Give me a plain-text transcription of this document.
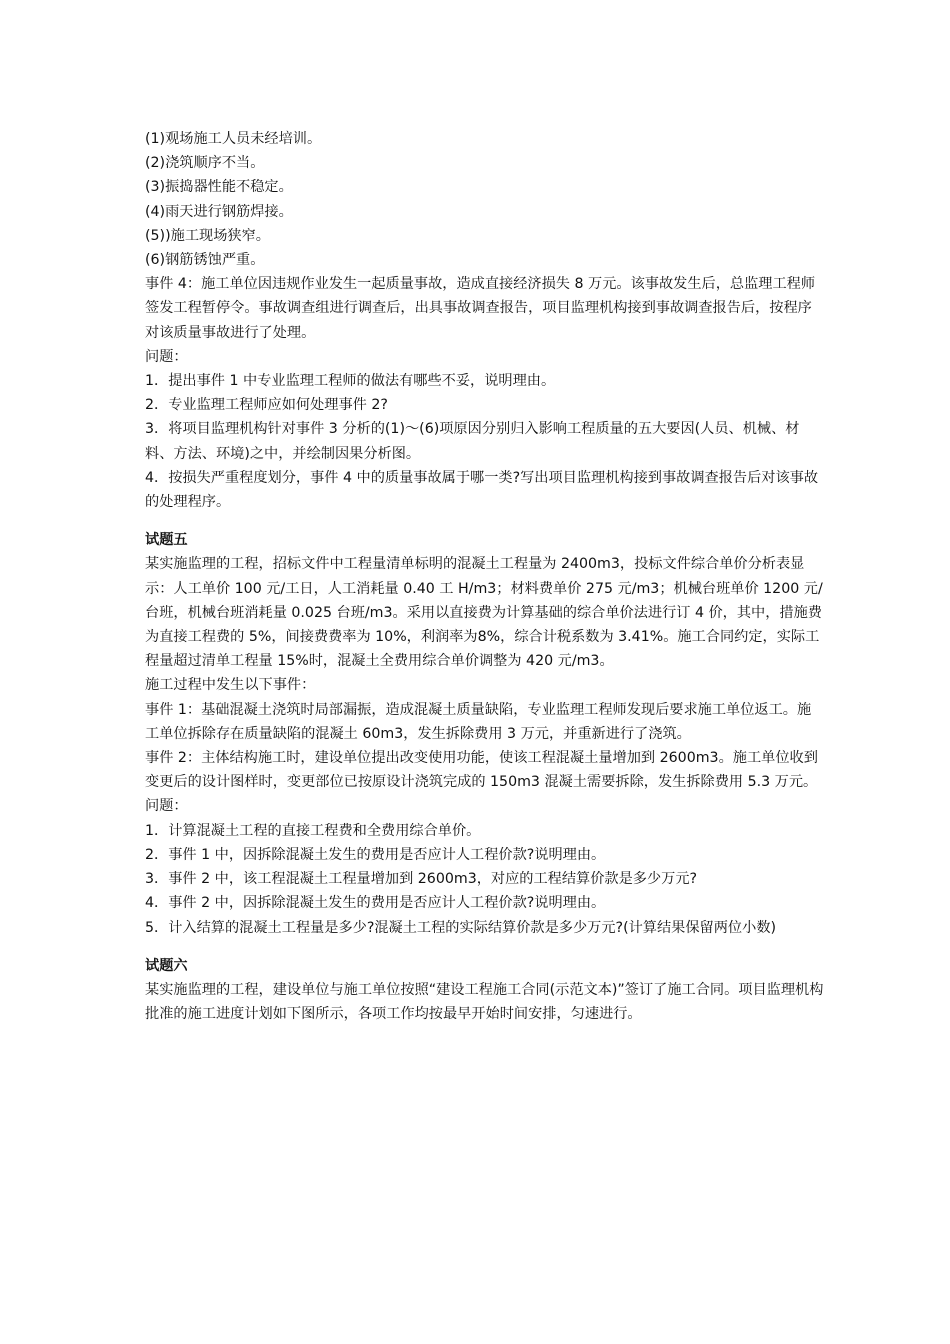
(1)观场施工人员未经培训。
(2)浇筑顺序不当。
(3)振捣器性能不稳定。
(4)雨天进行钢筋焊接。
(5))施工现场狭窄。
(6)钢筋锈蚀严重。
事件 4：施工单位因违规作业发生一起质量事故，造成直接经济损失 8 万元。该事故发生后，总监理工程师签发工程暂停令。事故调查组进行调查后，出具事故调查报告，项目监理机构接到事故调查报告后，按程序对该质量事故进行了处理。
问题：
1．提出事件 1 中专业监理工程师的做法有哪些不妥，说明理由。
2．专业监理工程师应如何处理事件 2?
3．将项目监理机构针对事件 3 分析的(1)～(6)项原因分别归入影响工程质量的五大要因(人员、机械、材料、方法、环境)之中，并绘制因果分析图。
4．按损失严重程度划分，事件 4 中的质量事故属于哪一类?写出项目监理机构接到事故调查报告后对该事故的处理程序。
试题五
某实施监理的工程，招标文件中工程量清单标明的混凝土工程量为 2400m3，投标文件综合单价分析表显示：人工单价 100 元/工日，人工消耗量 0.40 工 H/m3；材料费单价 275 元/m3；机械台班单价 1200 元/台班，机械台班消耗量 0.025 台班/m3。采用以直接费为计算基础的综合单价法进行订 4 价，其中，措施费为直接工程费的 5%，间接费费率为 10%，利润率为8%，综合计税系数为 3.41%。施工合同约定，实际工程量超过清单工程量 15%时，混凝土全费用综合单价调整为 420 元/m3。
施工过程中发生以下事件：
事件 1：基础混凝土浇筑时局部漏振，造成混凝土质量缺陷，专业监理工程师发现后要求施工单位返工。施工单位拆除存在质量缺陷的混凝土 60m3，发生拆除费用 3 万元，并重新进行了浇筑。
事件 2：主体结构施工时，建设单位提出改变使用功能，使该工程混凝土量增加到 2600m3。施工单位收到变更后的设计图样时，变更部位已按原设计浇筑完成的 150m3 混凝土需要拆除，发生拆除费用 5.3 万元。
问题：
1．计算混凝土工程的直接工程费和全费用综合单价。
2．事件 1 中，因拆除混凝土发生的费用是否应计人工程价款?说明理由。
3．事件 2 中，该工程混凝土工程量增加到 2600m3，对应的工程结算价款是多少万元?
4．事件 2 中，因拆除混凝土发生的费用是否应计人工程价款?说明理由。
5．计入结算的混凝土工程量是多少?混凝土工程的实际结算价款是多少万元?(计算结果保留两位小数)
试题六
某实施监理的工程，建设单位与施工单位按照“建设工程施工合同(示范文本)”签订了施工合同。项目监理机构批准的施工进度计划如下图所示，各项工作均按最早开始时间安排，匀速进行。
